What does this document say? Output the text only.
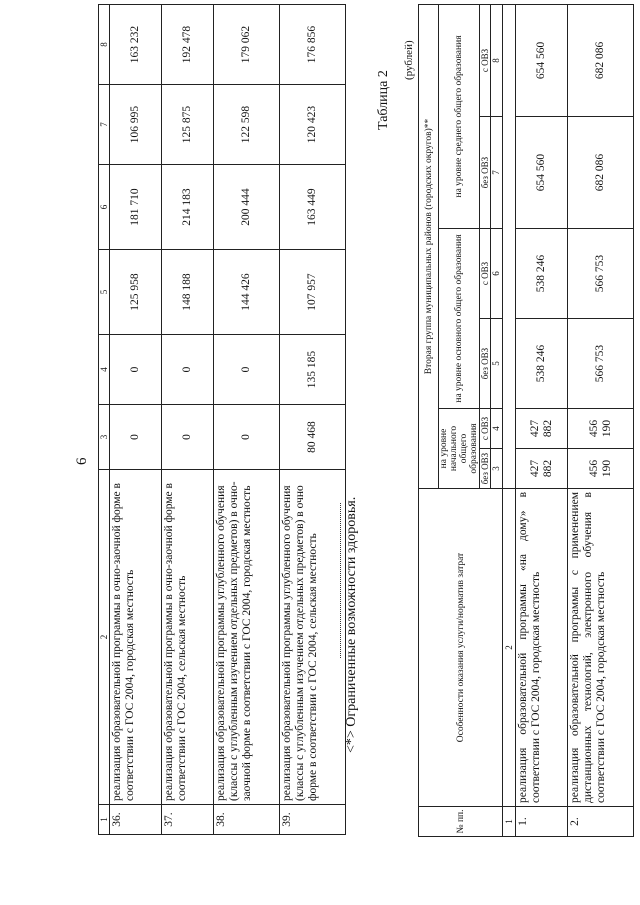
6
1	2	3	4	5	6	7	8
36.	реализация образовательной программы в очно-заочной форме в соответствии с ГОС 2004, городская местность	0	0	125 958	181 710	106 995	163 232
37.	реализация образовательной программы в очно-заочной форме в соответствии с ГОС 2004, сельская местность	0	0	148 188	214 183	125 875	192 478
38.	реализация образовательной программы углубленного обучения (классы с углубленным изучением отдельных предметов) в очно-заочной форме в соответствии с ГОС 2004, городская местность	0	0	144 426	200 444	122 598	179 062
39.	реализация образовательной программы углубленного обучения (классы с углубленным изучением отдельных предметов) в очно форме в соответствии с ГОС 2004, сельская местность	80 468	135 185	107 957	163 449	120 423	176 856
<*> Ограниченные возможности здоровья.
Таблица 2
(рублей)
№ пп.	Особенности оказания услуги/норматив затрат	Вторая группа муниципальных районов (городских округов)**					
		на уровне начального общего образования		на уровне основного общего образования		на уровне среднего общего образования	
		без ОВЗ	с ОВЗ	без ОВЗ	с ОВЗ	без ОВЗ	с ОВЗ
		3	4	5	6	7	8
1	2						
1.	реализация образовательной программы «на дому» в соответствии с ГОС 2004, городская местность	427 882	427 882	538 246	538 246	654 560	654 560
2.	реализация образовательной программы с применением дистанционных технологий, электронного обучения в соответствии с ГОС 2004, городская местность	456 190	456 190	566 753	566 753	682 086	682 086
